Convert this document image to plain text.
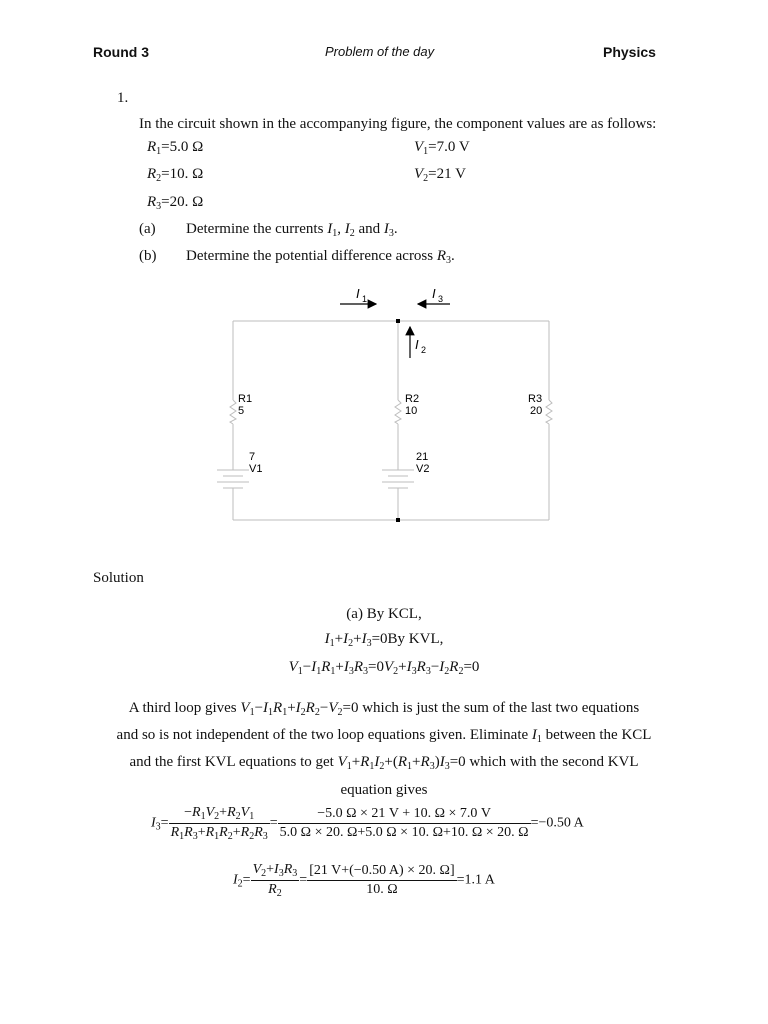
Round 3	Problem of the day	Physics
1.
In the circuit shown in the accompanying figure, the component values are as follows:
$R_1=5.0$ Ω	$V_1=7.0$ V
$R_2=10$. Ω	$V_2=21$ V
$R_3=20$. Ω
(a) Determine the currents $I_1$, $I_2$ and $I_3$.
(b) Determine the potential difference across $R_3$.
I 1	I 3
I 2
R1
5
R2
10
R3
20
7
V1
21
V2
Solution
(a) By KCL,
$I_1+I_2+I_3=0By$ KVL,
$V_1-I_1R_1+I_3R_3=0V_2+I_3R_3-I_2R_2=0$
A third loop gives $V_1-I_1R_1+I_2R_2-V_2=0$ which is just the sum of the last two equations
and so is not independent of the two loop equations given. Eliminate $I_1$ between the KCL
and the first KVL equations to get $V_1+R_1I_2+(R_1+R_3)I_3=0$ which with the second KVL
equation gives
$I_3= \frac{-R_1V_2+R_2V_1}{R_1R_3+R_1R_2+R_2R_3} = \frac{-5.0 \Omega \times 21 V + 10. \Omega \times 7.0 V}{5.0 \Omega \times 20. \Omega+5.0 \Omega \times 10. \Omega+10. \Omega \times 20. \Omega} =-0.50$ A
$I_2= \frac{V_2+I_3R_3}{R_2} = \frac{[21 V+(-0.50 A) \times 20. \Omega]}{10. \Omega} =1.1$ A
